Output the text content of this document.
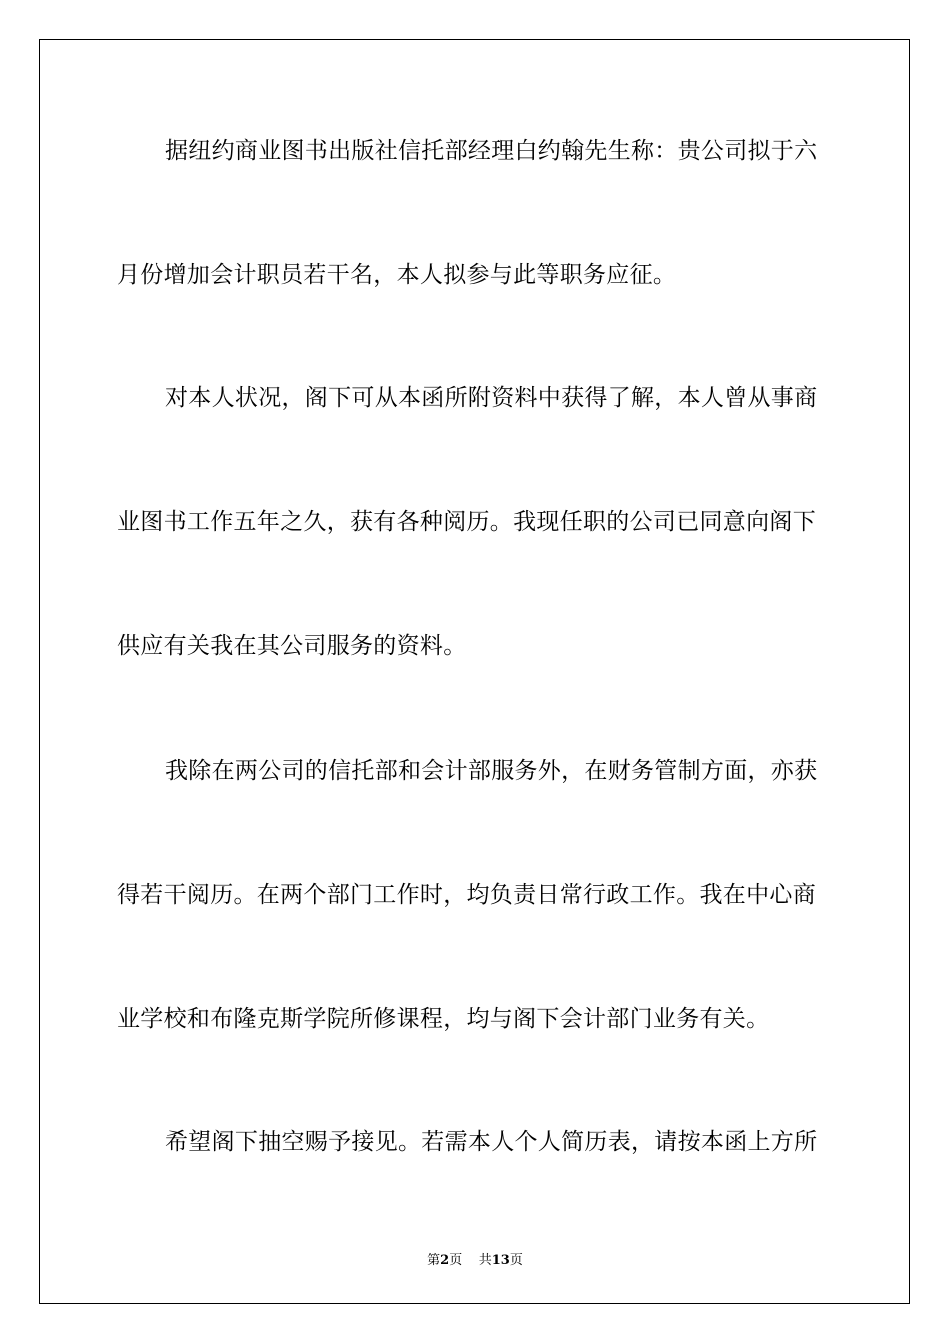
据纽约商业图书出版社信托部经理白约翰先生称：贵公司拟于六

月份增加会计职员若干名，本人拟参与此等职务应征。

对本人状况，阁下可从本函所附资料中获得了解，本人曾从事商

业图书工作五年之久，获有各种阅历。我现任职的公司已同意向阁下

供应有关我在其公司服务的资料。

我除在两公司的信托部和会计部服务外，在财务管制方面，亦获

得若干阅历。在两个部门工作时，均负责日常行政工作。我在中心商

业学校和布隆克斯学院所修课程，均与阁下会计部门业务有关。

希望阁下抽空赐予接见。若需本人个人简历表，请按本函上方所

第2页 共13页
